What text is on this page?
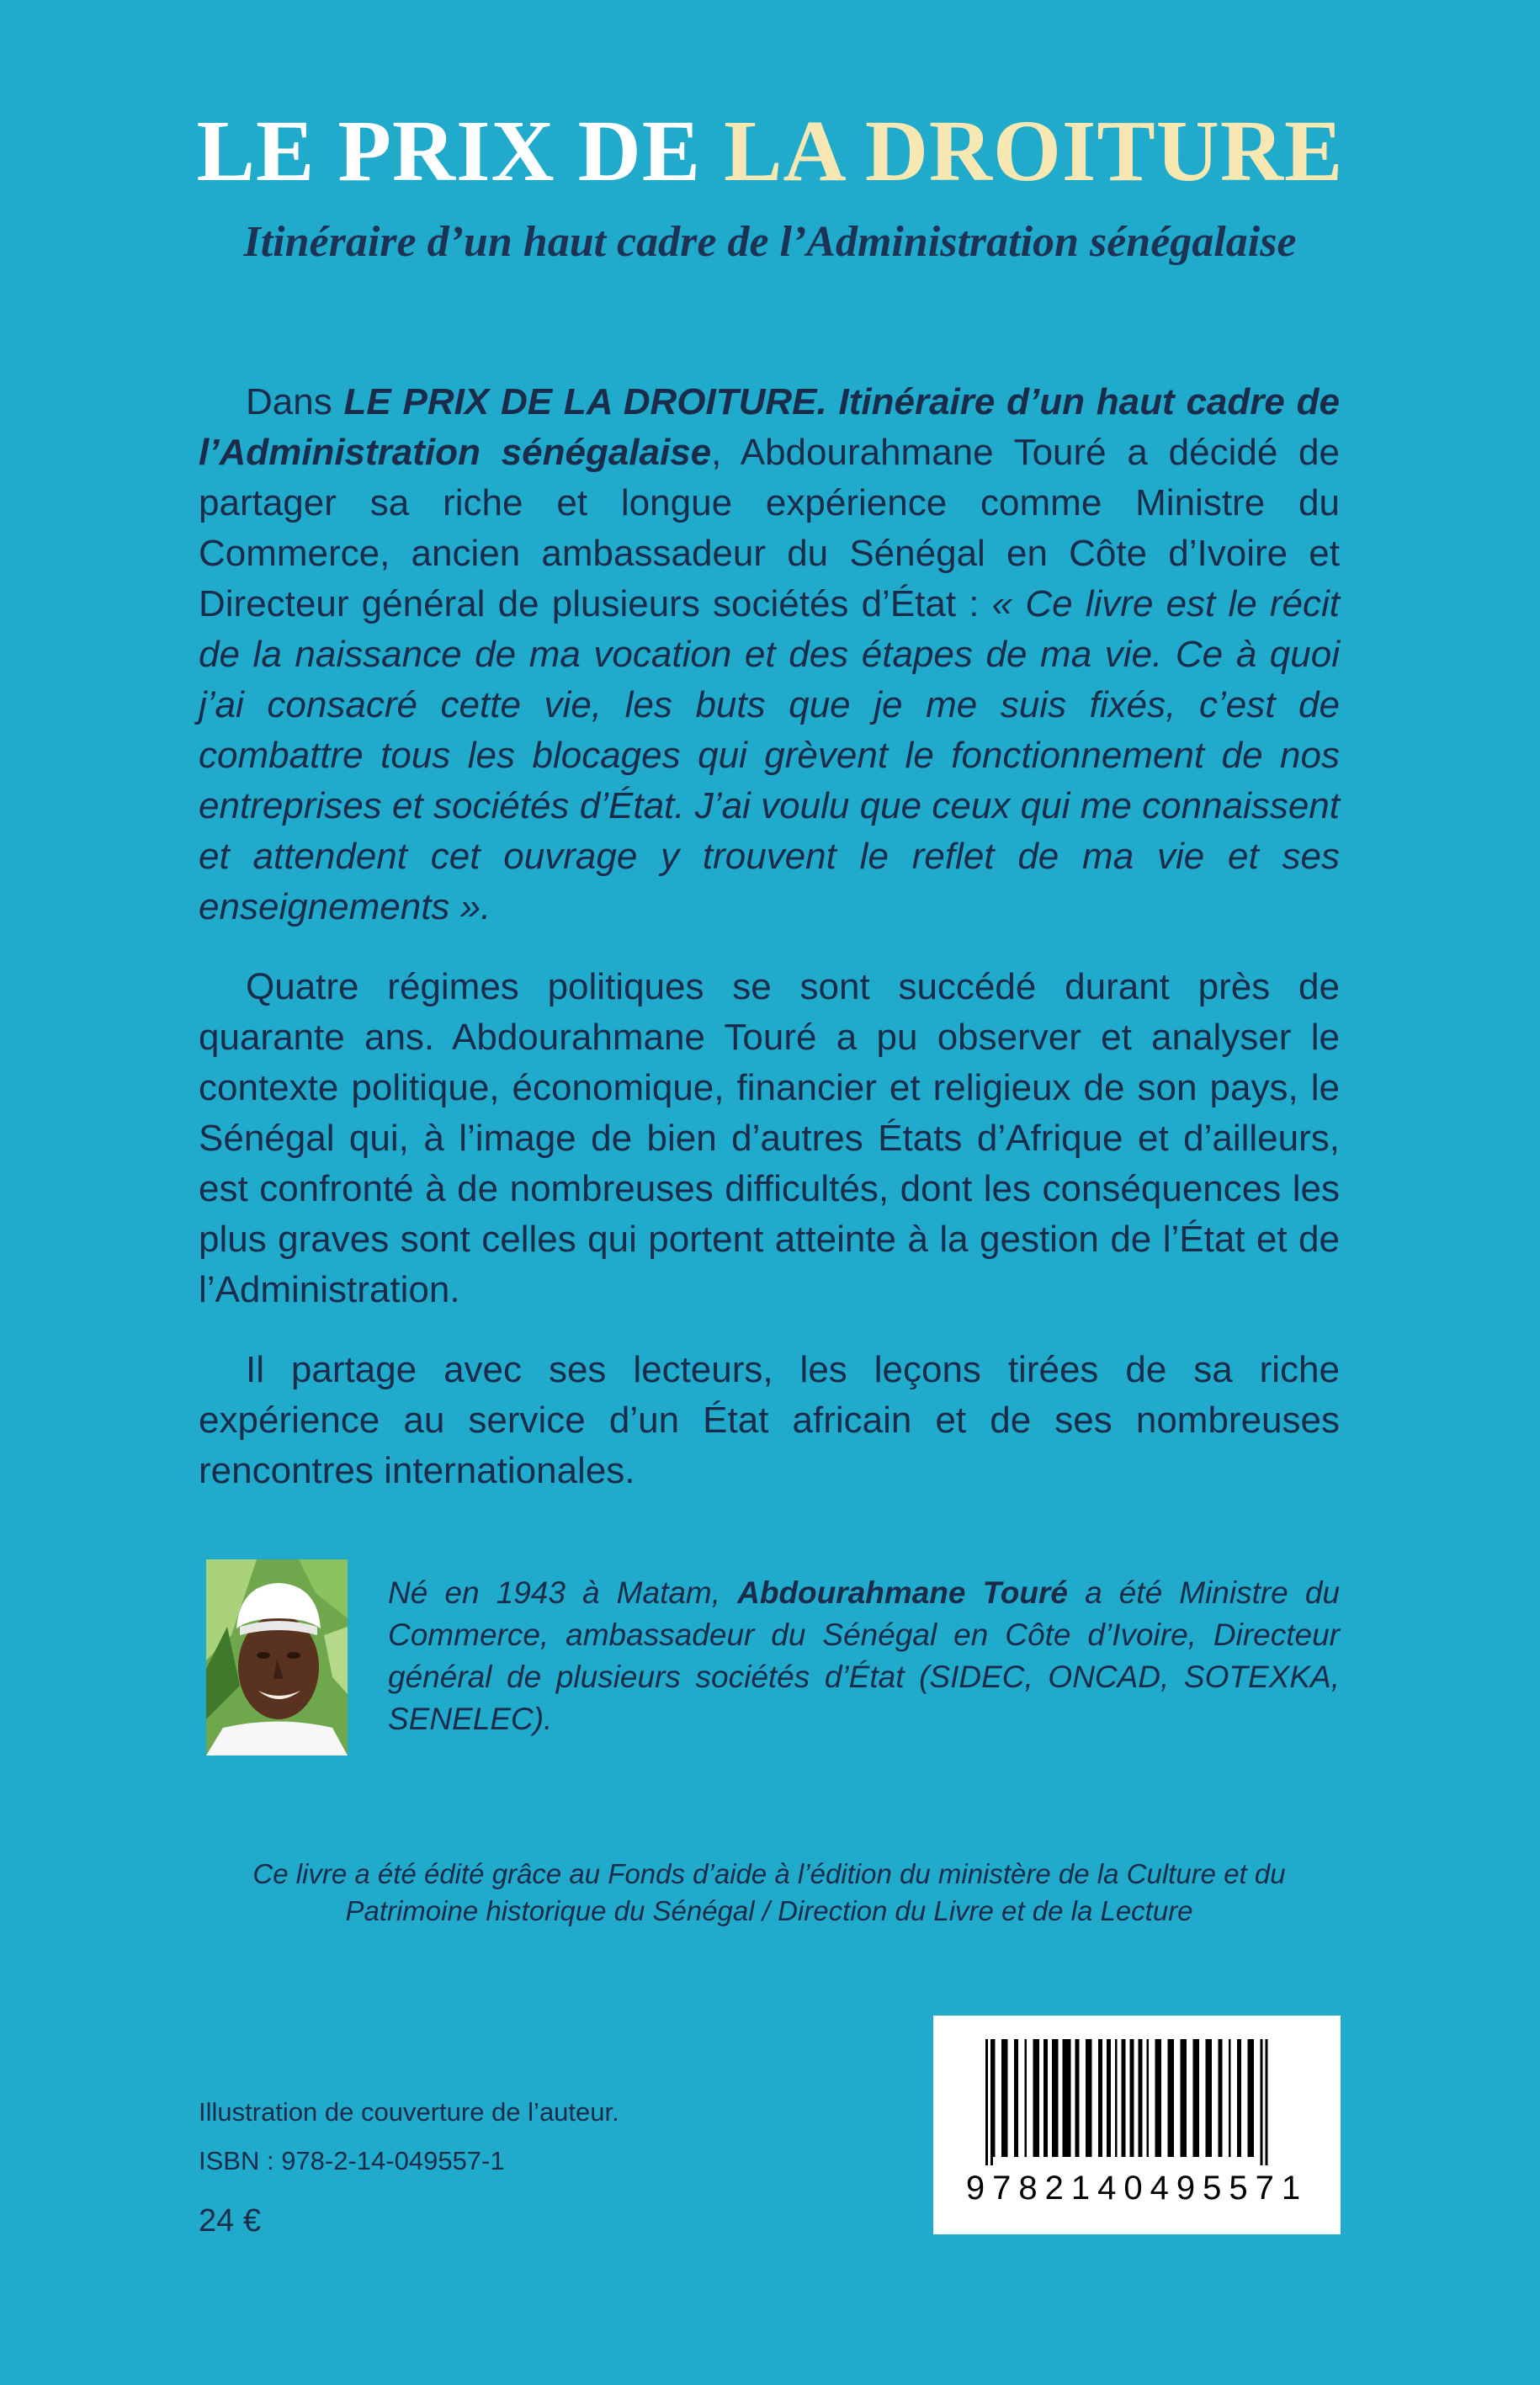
LE PRIX DE LA DROITURE
Itinéraire d’un haut cadre de l’Administration sénégalaise

Dans LE PRIX DE LA DROITURE. Itinéraire d’un haut cadre de l’Administration sénégalaise, Abdourahmane Touré a décidé de partager sa riche et longue expérience comme Ministre du Commerce, ancien ambassadeur du Sénégal en Côte d’Ivoire et Directeur général de plusieurs sociétés d’État : « Ce livre est le récit de la naissance de ma vocation et des étapes de ma vie. Ce à quoi j’ai consacré cette vie, les buts que je me suis fixés, c’est de combattre tous les blocages qui grèvent le fonctionnement de nos entreprises et sociétés d’État. J’ai voulu que ceux qui me connaissent et attendent cet ouvrage y trouvent le reflet de ma vie et ses enseignements ».

Quatre régimes politiques se sont succédé durant près de quarante ans. Abdourahmane Touré a pu observer et analyser le contexte politique, économique, financier et religieux de son pays, le Sénégal qui, à l’image de bien d’autres États d’Afrique et d’ailleurs, est confronté à de nombreuses difficultés, dont les conséquences les plus graves sont celles qui portent atteinte à la gestion de l’État et de l’Administration.

Il partage avec ses lecteurs, les leçons tirées de sa riche expérience au service d’un État africain et de ses nombreuses rencontres internationales.

Né en 1943 à Matam, Abdourahmane Touré a été Ministre du Commerce, ambassadeur du Sénégal en Côte d’Ivoire, Directeur général de plusieurs sociétés d’État (SIDEC, ONCAD, SOTEXKA, SENELEC).

Ce livre a été édité grâce au Fonds d’aide à l’édition du ministère de la Culture et du
Patrimoine historique du Sénégal / Direction du Livre et de la Lecture

Illustration de couverture de l’auteur.
ISBN : 978-2-14-049557-1
24 €
9782140495571
